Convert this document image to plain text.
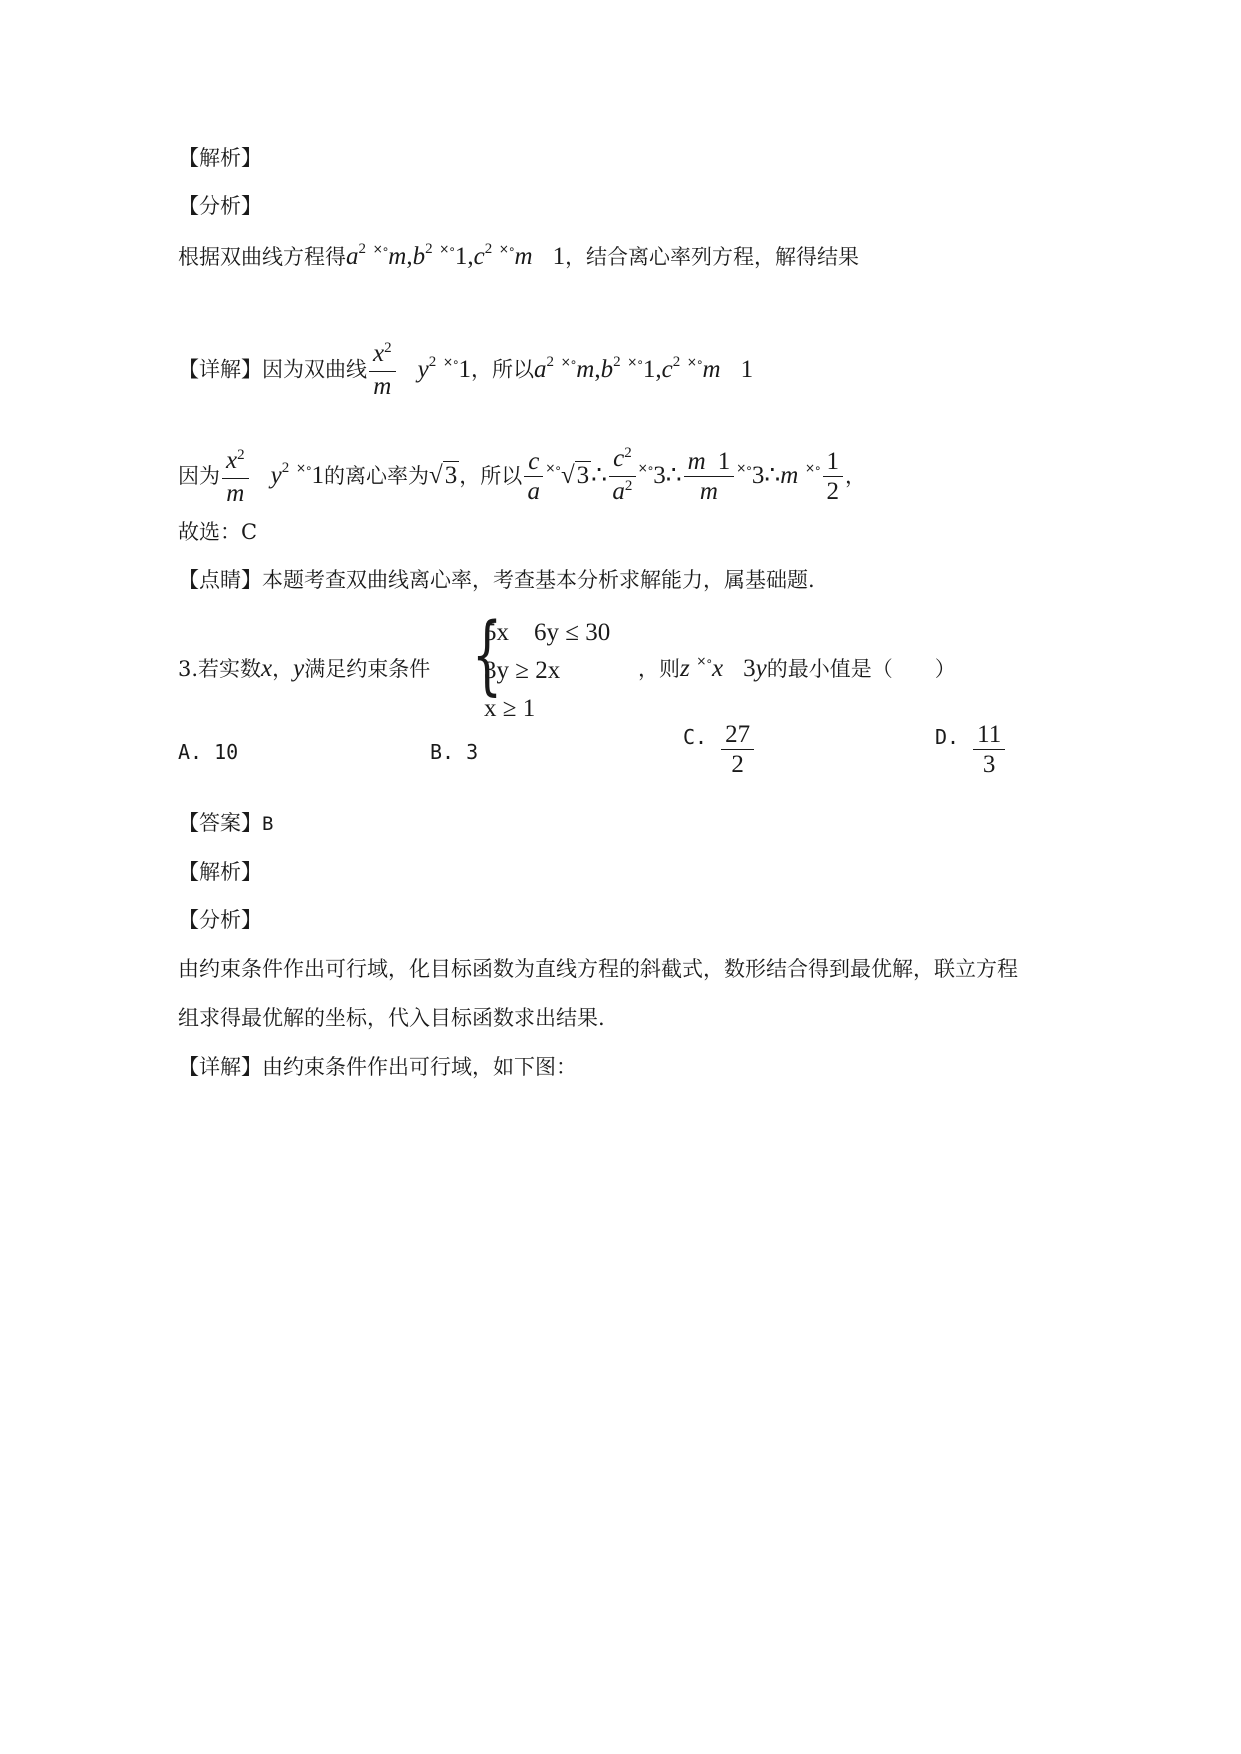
【解析】
【分析】
根据双曲线方程得$a^2$ $^{\times\circ}m,b^2$ $^{\times\circ}1,c^2$ ×∘m 1，结合离心率列方程，解得结果
【详解】因为双曲线 $\frac{x^2}{m} y^2$ ×∘1，所以$a^2$ $^{\times\circ}m,b^2$ $^{\times\circ}1,c^2$ ×∘m 1
因为 $\frac{x^2}{m} y^2$ ×∘1的离心率为√3，所以 $\frac{c}{a}$ ×∘√3∴ $\frac{c^2}{a^2}$ ×∘3∴ $\frac{m 1}{m}$ ×∘3∴m $^{\times\circ} \frac{1}{2}$ ，
故选：C
【点睛】本题考查双曲线离心率，考查基本分析求解能力，属基础题.
3.若实数x，y满足约束条件 {
5x　6y ≤ 30
3y ≥ 2x
x ≥ 1
，则z ×∘x 3y的最小值是（　　）
A. 10	B. 3
C. $\frac{27}{2}$	D. $\frac{11}{3}$
【答案】B
【解析】
【分析】
由约束条件作出可行域，化目标函数为直线方程的斜截式，数形结合得到最优解，联立方程
组求得最优解的坐标，代入目标函数求出结果.
【详解】由约束条件作出可行域，如下图：
